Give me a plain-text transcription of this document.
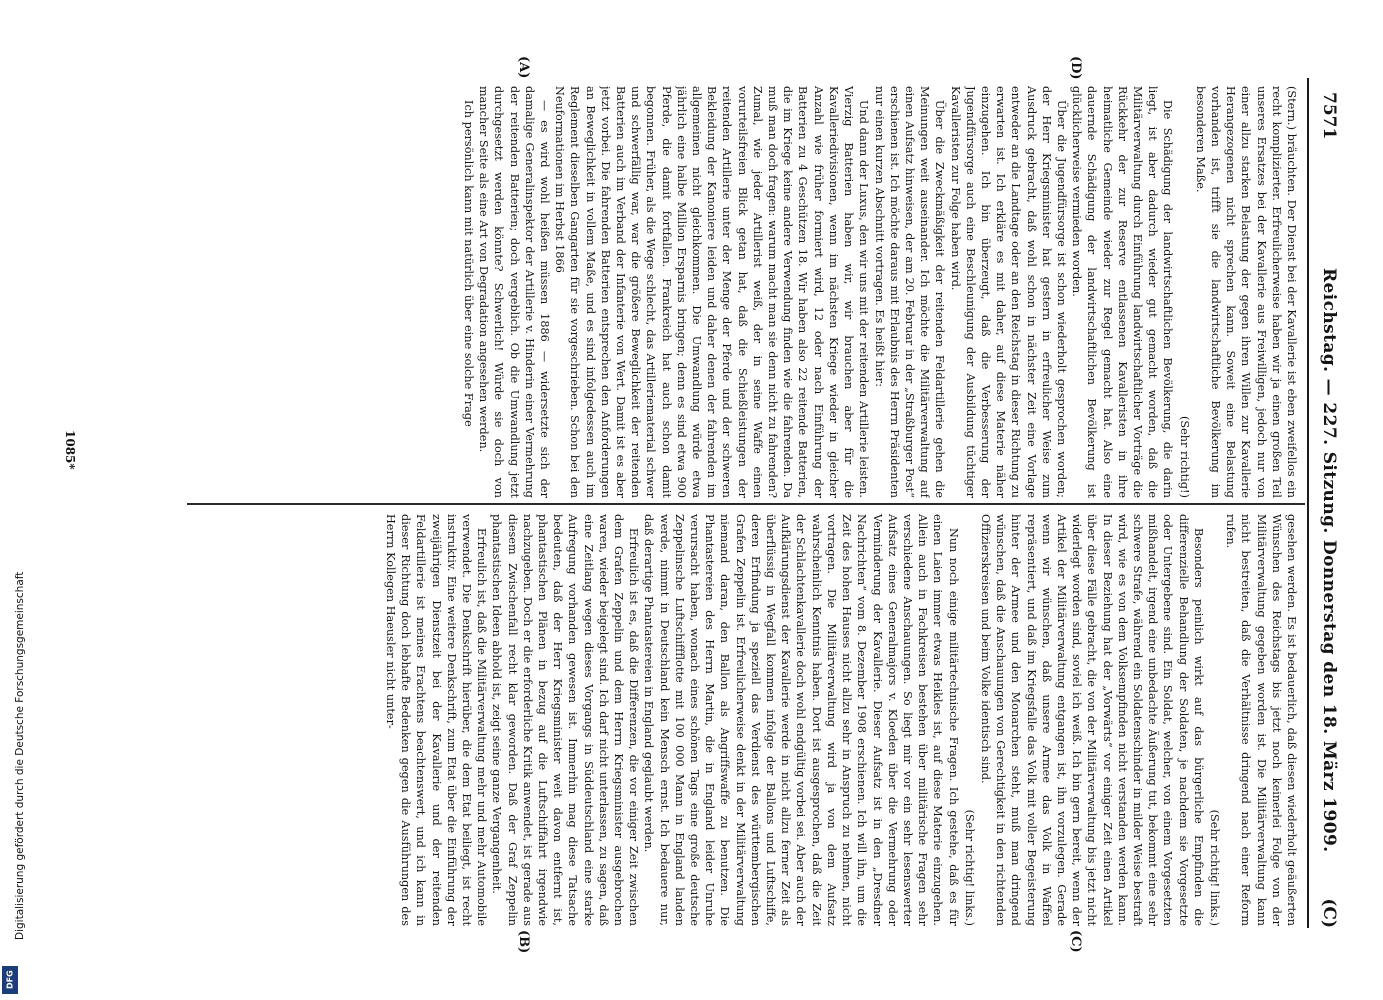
7571
Reichstag. — 227. Sitzung. Donnerstag den 18. März 1909.
(C)
(D)
(C)
(B)

(Stern.) bräuchten. Der Dienst bei der Kavallerie ist eben zweifellos ein recht komplizierter. Erfreulicherweise haben wir ja einen großen Teil unseres Ersatzes bei der Kavallerie aus Freiwilligen, jedoch nur von einer allzu starken Belastung der gegen ihren Willen zur Kavallerie Herangezogenen nicht sprechen kann. Soweit eine Belastung vorhanden ist, trifft sie die landwirtschaftliche Bevölkerung im besonderen Maße.

(Sehr richtig!)

Die Schädigung der landwirtschaftlichen Bevölkerung, die darin liegt, ist aber dadurch wieder gut gemacht worden, daß die Militärverwaltung durch Einführung landwirtschaftlicher Vorträge die Rückkehr der zur Reserve entlassenen Kavalleristen in ihre heimatliche Gemeinde wieder zur Regel gemacht hat. Also eine dauernde Schädigung der landwirtschaftlichen Bevölkerung ist glücklicherweise vermieden worden.

Über die Jugendfürsorge ist schon wiederholt gesprochen worden; der Herr Kriegsminister hat gestern in erfreulicher Weise zum Ausdruck gebracht, daß wohl schon in nächster Zeit eine Vorlage entweder an die Landtage oder an den Reichstag in dieser Richtung zu erwarten ist. Ich erkläre es mit daher, auf diese Materie näher einzugehen. Ich bin überzeugt, daß die Verbesserung der Jugendfürsorge auch eine Beschleunigung der Ausbildung tüchtiger Kavalleristen zur Folge haben wird.

Über die Zweckmäßigkeit der reitenden Feldartillerie gehen die Meinungen weit auseinander. Ich möchte die Militärverwaltung auf einen Aufsatz hinweisen, der am 20. Februar in der „Straßburger Post“ erschienen ist. Ich möchte daraus mit Erlaubnis des Herrn Präsidenten nur einen kurzen Abschnitt vortragen. Es heißt hier:

Und dann der Luxus, den wir uns mit der reitenden Artillerie leisten. Vierzig Batterien haben wir, wir brauchen aber für die Kavalleriedivisionen, wenn im nächsten Kriege wieder in gleicher Anzahl wie früher formiert wird, 12 oder nach Einführung der Batterien zu 4 Geschützen 18. Wir haben also 22 reitende Batterien, die im Kriege keine andere Verwendung finden wie die fahrenden. Da muß man doch fragen: warum macht man sie denn nicht zu fahrenden? Zumal, wie jeder Artillerist weiß, der in seine Waffe einen vorurteilsfreien Blick getan hat, daß die Schießleistungen der reitenden Artillerie unter der Menge der Pferde und der schweren Bekleidung der Kanoniere leiden und daher denen der fahrenden im allgemeinen nicht gleichkommen. Die Umwandlung würde etwa jährlich eine halbe Million Ersparnis bringen; denn es sind etwa 900 Pferde, die damit fortfallen. Frankreich hat auch schon damit begonnen. Früher, als die Wege schlecht, das Artilleriematerial schwer und schwerfällig war, war die größere Beweglichkeit der reitenden Batterien auch im Verband der Infanterie von Wert. Damit ist es aber jetzt vorbei. Die fahrenden Batterien entsprechen den Anforderungen an Beweglichkeit in vollem Maße, und es sind infolgedessen auch im Reglement dieselben Gangarten für sie vorgeschrieben. Schon bei den Neuformationen im Herbst 1866

— es wird wohl heißen müssen 1886 — widersetzte sich der damalige Generalinspektor der Artillerie v. Hinderin einer Vermehrung der reitenden Batterien; doch vergeblich. Ob die Umwandlung jetzt durchgesetzt werden könnte? Schwerlich! Würde sie doch von mancher Seite als eine Art von Degradation angesehen werden.

Ich persönlich kann mit natürlich über eine solche Frage

gesehen werden. Es ist bedauerlich, daß diesen wiederholt geäußerten Wünschen des Reichstags bis jetzt noch keinerlei Folge von der Militärverwaltung gegeben worden ist. Die Militärverwaltung kann nicht bestreiten, daß die Verhältnisse dringend nach einer Reform rufen.

(Sehr richtig! links.)

Besonders peinlich wirkt auf das bürgerliche Empfinden die differenzielle Behandlung der Soldaten, je nachdem sie Vorgesetzte oder Untergebene sind. Ein Soldat, welcher, von einem Vorgesetzten mißhandelt, irgend eine unbedachte Äußerung tut, bekommt eine sehr schwere Strafe, während ein Soldatenschinder in milder Weise bestraft wird, wie es von dem Volksempfinden nicht verstanden werden kann. In dieser Beziehung hat der „Vorwärts“ vor einiger Zeit einen Artikel über diese Fälle gebracht, die von der Militärverwaltung bis jetzt nicht widerlegt worden sind, soviel ich weiß. Ich bin gern bereit, wenn der Artikel der Militärverwaltung entgangen ist, ihn vorzulegen. Gerade wenn wir wünschen, daß unsere Armee das Volk in Waffen repräsentiert, und daß im Kriegsfalle das Volk mit voller Begeisterung hinter der Armee und den Monarchen steht, muß man dringend wünschen, daß die Anschauungen von Gerechtigkeit in den richtenden Offizierskreisen und beim Volke identisch sind.

(Sehr richtig! links.)

Nun noch einige militärtechnische Fragen. Ich gestehe, daß es für einen Laien immer etwas Heikles ist, auf diese Materie einzugehen. Allein auch in Fachkreisen bestehen über militärische Fragen sehr verschiedene Anschauungen. So liegt mir vor ein sehr lesenswerter Aufsatz eines Generalmajors v. Kloeden über die Vermehrung oder Verminderung der Kavallerie. Dieser Aufsatz ist in den „Dresdner Nachrichten“ vom 8. Dezember 1908 erschienen. Ich will ihn, um die Zeit des hohen Hauses nicht allzu sehr in Anspruch zu nehmen, nicht vortragen. Die Militärverwaltung wird ja von dem Aufsatz wahrscheinlich Kenntnis haben. Dort ist ausgesprochen, daß die Zeit der Schlachtenkavallerie doch wohl endgültig vorbei sei. Aber auch der Aufklärungsdienst der Kavallerie werde in nicht allzu ferner Zeit als überflüssig in Wegfall kommen infolge der Ballons und Luftschiffe, deren Erfindung ja speziell das Verdienst des württembergischen Grafen Zeppelin ist. Erfreulicherweise denkt in der Militärverwaltung niemand daran, den Ballon als Angriffswaffe zu benutzen. Die Phantastereien des Herrn Martin, die in England leider Unruhe verursacht haben, wonach eines schönen Tags eine große deutsche Zeppelinsche Luftschiffflotte mit 100 000 Mann in England landen werde, nimmt in Deutschland kein Mensch ernst. Ich bedauere nur, daß derartige Phantastereien in England geglaubt werden.

Erfreulich ist es, daß die Differenzen, die vor einiger Zeit zwischen dem Grafen Zeppelin und dem Herrn Kriegsminister ausgebrochen waren, wieder beigelegt sind. Ich darf nicht unterlassen, zu sagen, daß eine Zeitlang wegen dieses Vorgangs in Süddeutschland eine starke Aufregung vorhanden gewesen ist. Immerhin mag diese Tatsache bedeuten, daß der Herr Kriegsminister weit davon entfernt ist, phantastischen Plänen in bezug auf die Luftschiffahrt irgendwie nachzugeben. Doch er die erforderliche Kritik anwendet, ist gerade aus diesem Zwischenfall recht klar geworden. Daß der Graf Zeppelin phantastischen Ideen abhold ist, zeigt seine ganze Vergangenheit.

Erfreulich ist, daß die Militärverwaltung mehr und mehr Automobile verwendet. Die Denkschrift hierüber, die dem Etat beiliegt, ist recht instruktiv. Eine weitere Denkschrift, zum Etat über die Einführung der zweijährigen Dienstzeit bei der Kavallerie und der reitenden Feldartillerie ist meines Erachtens beachtenswert, und ich kann in dieser Richtung doch lebhafte Bedenken gegen die Ausführungen des Herrn Kollegen Haeusler nicht unter-

(A)
1085*
Digitalisierung gefördert durch die Deutsche Forschungsgemeinschaft
DFG
